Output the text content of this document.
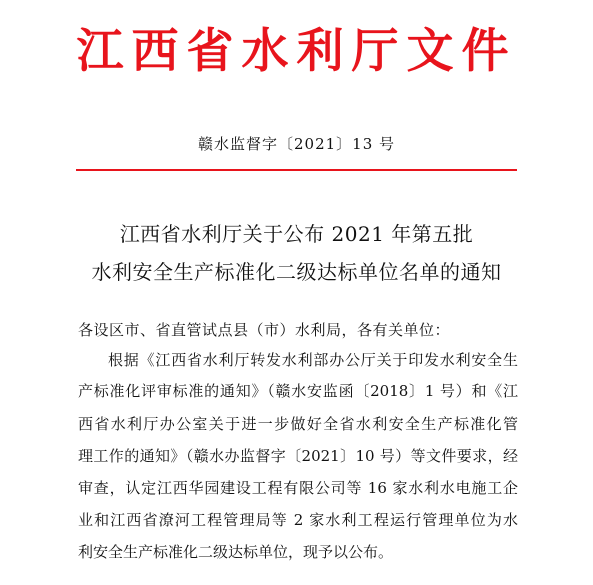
江西省水利厅文件
赣水监督字〔2021〕13 号
江西省水利厅关于公布 2021 年第五批
水利安全生产标准化二级达标单位名单的通知
各设区市、省直管试点县（市）水利局，各有关单位：
根据《江西省水利厅转发水利部办公厅关于印发水利安全生
产标准化评审标准的通知》（赣水安监函〔2018〕1 号）和《江
西省水利厅办公室关于进一步做好全省水利安全生产标准化管
理工作的通知》（赣水办监督字〔2021〕10 号）等文件要求，经
审查，认定江西华园建设工程有限公司等 16 家水利水电施工企
业和江西省潦河工程管理局等 2 家水利工程运行管理单位为水
利安全生产标准化二级达标单位，现予以公布。
